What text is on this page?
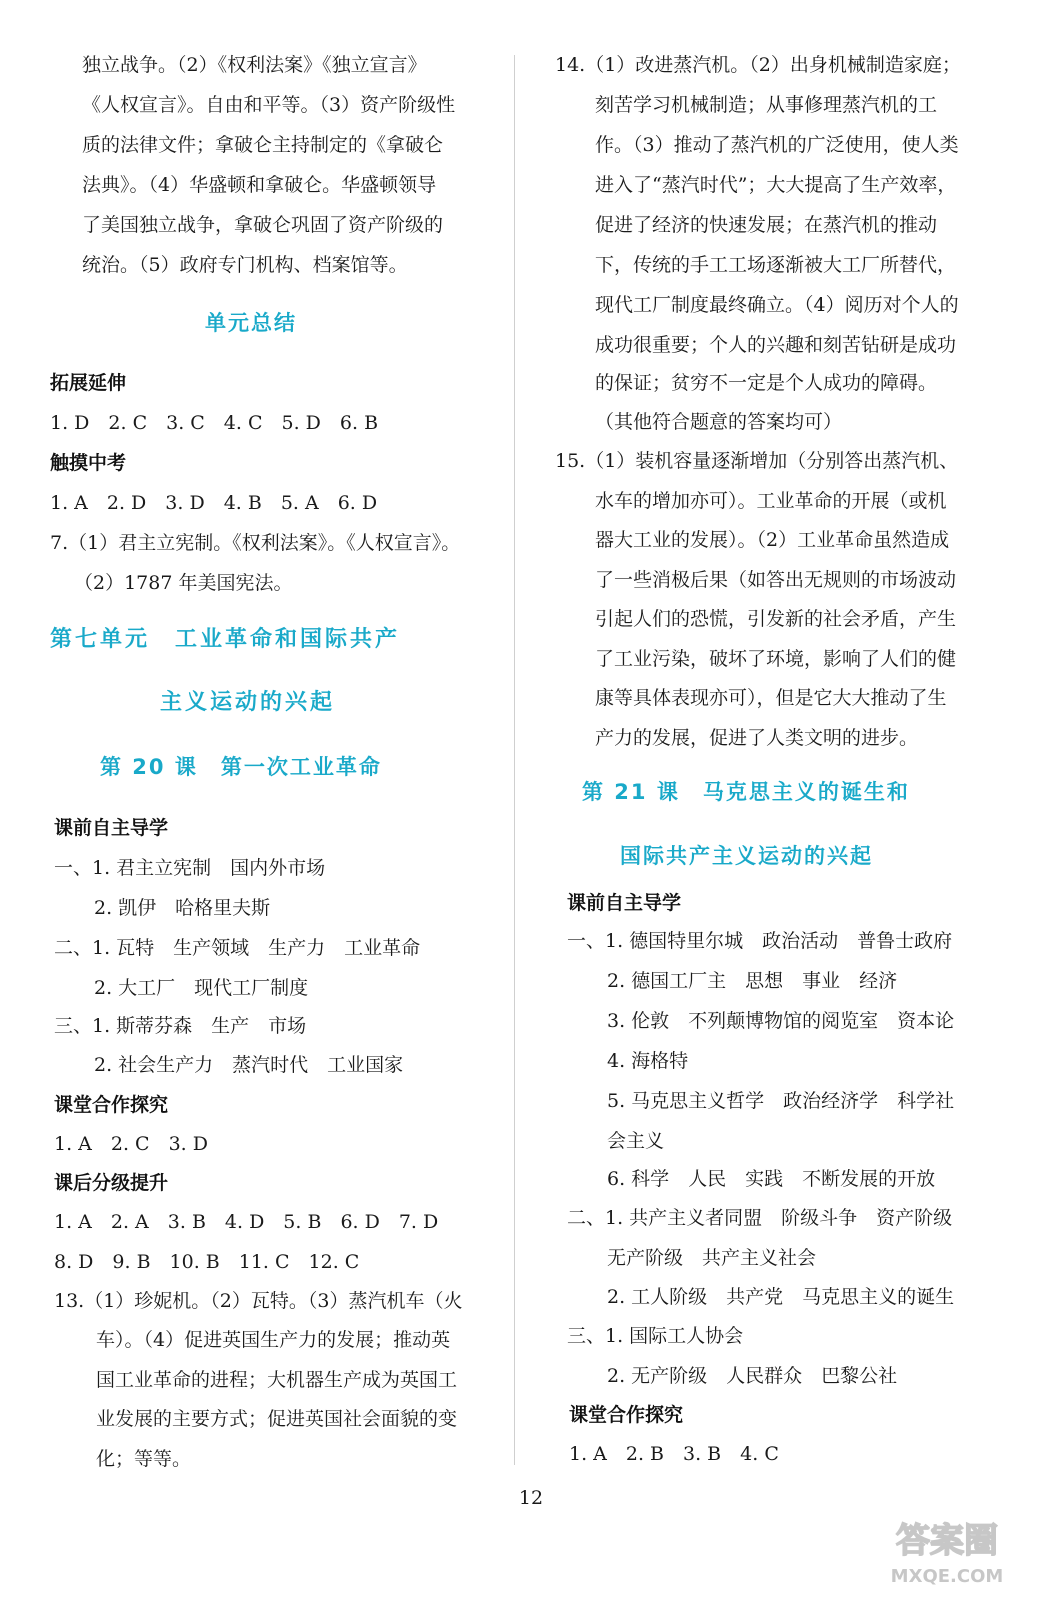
独立战争。（2）《权利法案》《独立宣言》
《人权宣言》。自由和平等。（3）资产阶级性
质的法律文件；拿破仑主持制定的《拿破仑
法典》。（4）华盛顿和拿破仑。华盛顿领导
了美国独立战争，拿破仑巩固了资产阶级的
统治。（5）政府专门机构、档案馆等。
单元总结
拓展延伸
1. D　2. C　3. C　4. C　5. D　6. B
触摸中考
1. A　2. D　3. D　4. B　5. A　6. D
7.（1）君主立宪制。《权利法案》。《人权宣言》。
（2）1787 年美国宪法。
第七单元　工业革命和国际共产
主义运动的兴起
第 20 课　第一次工业革命
课前自主导学
一、1. 君主立宪制　国内外市场
2. 凯伊　哈格里夫斯
二、1. 瓦特　生产领域　生产力　工业革命
2. 大工厂　现代工厂制度
三、1. 斯蒂芬森　生产　市场
2. 社会生产力　蒸汽时代　工业国家
课堂合作探究
1. A　2. C　3. D
课后分级提升
1. A　2. A　3. B　4. D　5. B　6. D　7. D
8. D　9. B　10. B　11. C　12. C
13.（1）珍妮机。（2）瓦特。（3）蒸汽机车（火
车）。（4）促进英国生产力的发展；推动英
国工业革命的进程；大机器生产成为英国工
业发展的主要方式；促进英国社会面貌的变
化；等等。
14.（1）改进蒸汽机。（2）出身机械制造家庭；
刻苦学习机械制造；从事修理蒸汽机的工
作。（3）推动了蒸汽机的广泛使用，使人类
进入了“蒸汽时代”；大大提高了生产效率，
促进了经济的快速发展；在蒸汽机的推动
下，传统的手工工场逐渐被大工厂所替代，
现代工厂制度最终确立。（4）阅历对个人的
成功很重要；个人的兴趣和刻苦钻研是成功
的保证；贫穷不一定是个人成功的障碍。
（其他符合题意的答案均可）
15.（1）装机容量逐渐增加（分别答出蒸汽机、
水车的增加亦可）。工业革命的开展（或机
器大工业的发展）。（2）工业革命虽然造成
了一些消极后果（如答出无规则的市场波动
引起人们的恐慌，引发新的社会矛盾，产生
了工业污染，破坏了环境，影响了人们的健
康等具体表现亦可），但是它大大推动了生
产力的发展，促进了人类文明的进步。
第 21 课　马克思主义的诞生和
国际共产主义运动的兴起
课前自主导学
一、1. 德国特里尔城　政治活动　普鲁士政府
2. 德国工厂主　思想　事业　经济
3. 伦敦　不列颠博物馆的阅览室　资本论
4. 海格特
5. 马克思主义哲学　政治经济学　科学社
会主义
6. 科学　人民　实践　不断发展的开放
二、1. 共产主义者同盟　阶级斗争　资产阶级
无产阶级　共产主义社会
2. 工人阶级　共产党　马克思主义的诞生
三、1. 国际工人协会
2. 无产阶级　人民群众　巴黎公社
课堂合作探究
1. A　2. B　3. B　4. C
12
答案圈
MXQE.COM
